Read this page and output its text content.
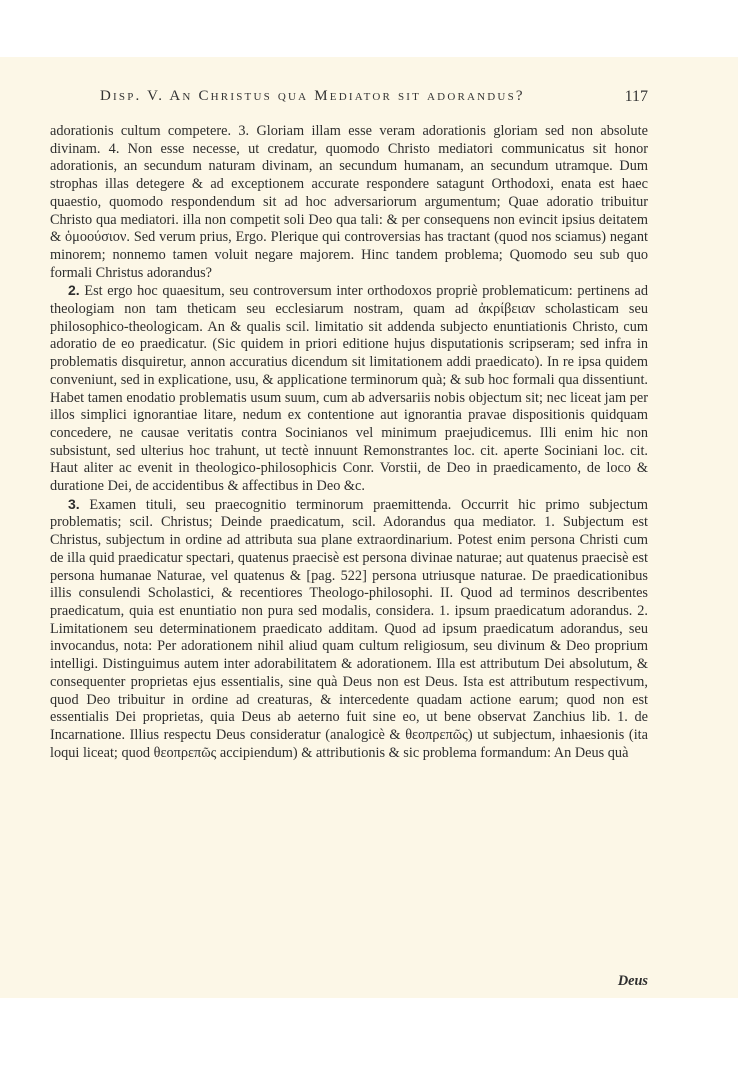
Disp. V. An Christus qua Mediator sit adorandus?	117

adorationis cultum competere. 3. Gloriam illam esse veram adorationis gloriam sed non absolute divinam. 4. Non esse necesse, ut credatur, quomodo Christo mediatori communicatus sit honor adorationis, an secundum naturam divinam, an secundum humanam, an secundum utramque. Dum strophas illas detegere & ad exceptionem accurate respondere satagunt Orthodoxi, enata est haec quaestio, quomodo respondendum sit ad hoc adversariorum argumentum; Quae adoratio tribuitur Christo qua mediatori. illa non competit soli Deo qua tali: & per consequens non evincit ipsius deitatem & ὁμοούσιον. Sed verum prius, Ergo. Plerique qui controversias has tractant (quod nos sciamus) negant minorem; nonnemo tamen voluit negare majorem. Hinc tandem problema; Quomodo seu sub quo formali Christus adorandus?

2. Est ergo hoc quaesitum, seu controversum inter orthodoxos propriè problematicum: pertinens ad theologiam non tam theticam seu ecclesiarum nostram, quam ad ἀκρίβειαν scholasticam seu philosophico-theologicam. An & qualis scil. limitatio sit addenda subjecto enuntiationis Christo, cum adoratio de eo praedicatur. (Sic quidem in priori editione hujus disputationis scripseram; sed infra in problematis disquiretur, annon accuratius dicendum sit limitationem addi praedicato). In re ipsa quidem conveniunt, sed in explicatione, usu, & applicatione terminorum quà; & sub hoc formali qua dissentiunt. Habet tamen enodatio problematis usum suum, cum ab adversariis nobis objectum sit; nec liceat jam per illos simplici ignorantiae litare, nedum ex contentione aut ignorantia pravae dispositionis quidquam concedere, ne causae veritatis contra Socinianos vel minimum praejudicemus. Illi enim hic non subsistunt, sed ulterius hoc trahunt, ut tectè innuunt Remonstrantes loc. cit. aperte Sociniani loc. cit. Haut aliter ac evenit in theologico-philosophicis Conr. Vorstii, de Deo in praedicamento, de loco & duratione Dei, de accidentibus & affectibus in Deo &c.

3. Examen tituli, seu praecognitio terminorum praemittenda. Occurrit hic primo subjectum problematis; scil. Christus; Deinde praedicatum, scil. Adorandus qua mediator. 1. Subjectum est Christus, subjectum in ordine ad attributa sua plane extraordinarium. Potest enim persona Christi cum de illa quid praedicatur spectari, quatenus praecisè est persona divinae naturae; aut quatenus praecisè est persona humanae Naturae, vel quatenus & [pag. 522] persona utriusque naturae. De praedicationibus illis consulendi Scholastici, & recentiores Theologo-philosophi. II. Quod ad terminos describentes praedicatum, quia est enuntiatio non pura sed modalis, considera. 1. ipsum praedicatum adorandus. 2. Limitationem seu determinationem praedicato additam. Quod ad ipsum praedicatum adorandus, seu invocandus, nota: Per adorationem nihil aliud quam cultum religiosum, seu divinum & Deo proprium intelligi. Distinguimus autem inter adorabilitatem & adorationem. Illa est attributum Dei absolutum, & consequenter proprietas ejus essentialis, sine quà Deus non est Deus. Ista est attributum respectivum, quod Deo tribuitur in ordine ad creaturas, & intercedente quadam actione earum; quod non est essentialis Dei proprietas, quia Deus ab aeterno fuit sine eo, ut bene observat Zanchius lib. 1. de Incarnatione. Illius respectu Deus consideratur (analogicè & θεοπρεπῶς) ut subjectum, inhaesionis (ita loqui liceat; quod θεοπρεπῶς accipiendum) & attributionis & sic problema formandum: An Deus quà

Deus
